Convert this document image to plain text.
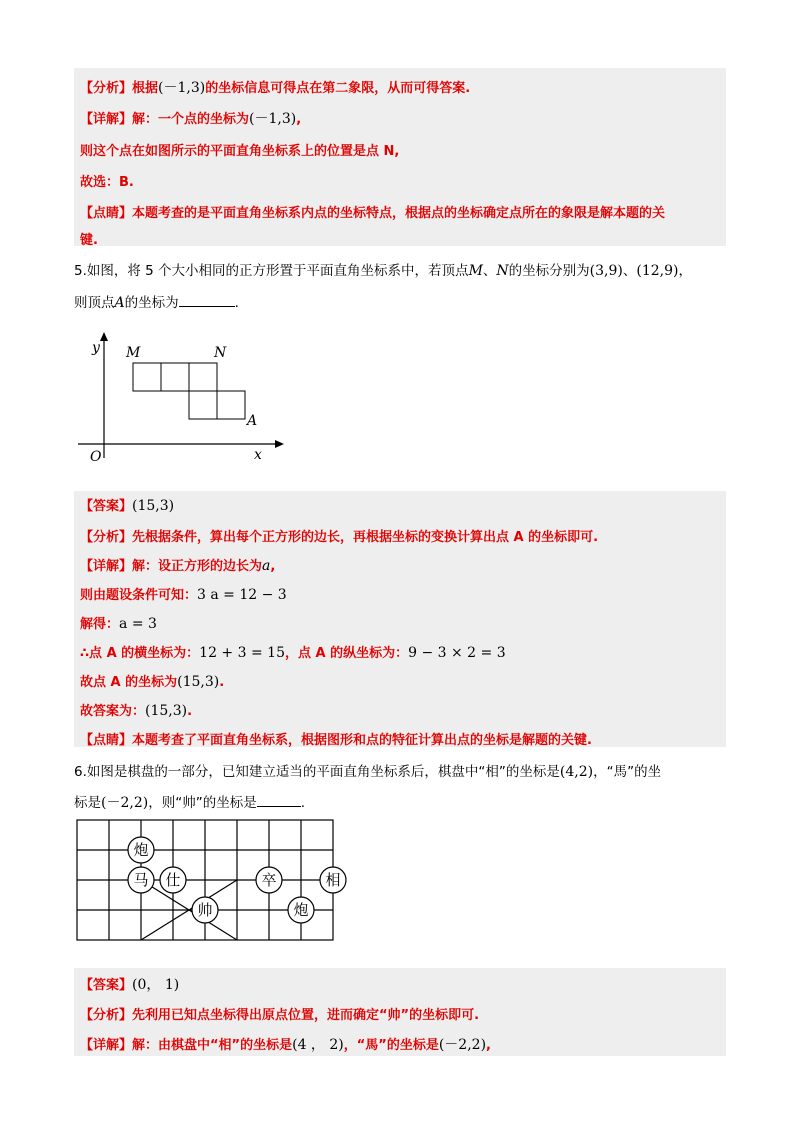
【分析】根据(－1,3)的坐标信息可得点在第二象限，从而可得答案.
【详解】解：一个点的坐标为(－1,3),
则这个点在如图所示的平面直角坐标系上的位置是点 N,
故选：B.
【点睛】本题考查的是平面直角坐标系内点的坐标特点，根据点的坐标确定点所在的象限是解本题的关
键.
5.如图，将 5 个大小相同的正方形置于平面直角坐标系中，若顶点M、N的坐标分别为(3,9)、(12,9)，
则顶点A的坐标为	.
y
x
O
M	N
A
【答案】(15,3)
【分析】先根据条件，算出每个正方形的边长，再根据坐标的变换计算出点 A 的坐标即可.
【详解】解：设正方形的边长为a,
则由题设条件可知：3 a = 12 − 3
解得：a = 3
∴点 A 的横坐标为：12 + 3 = 15，点 A 的纵坐标为：9 − 3 × 2 = 3
故点 A 的坐标为(15,3).
故答案为：(15,3).
【点睛】本题考查了平面直角坐标系，根据图形和点的特征计算出点的坐标是解题的关键.
6.如图是棋盘的一部分，已知建立适当的平面直角坐标系后，棋盘中“相”的坐标是(4,2)，“馬”的坐
标是(－2,2)，则“帅”的坐标是	.
炮
马 仕
帅
卒	相
炮
【答案】(0， 1)
【分析】先利用已知点坐标得出原点位置，进而确定“帅”的坐标即可.
【详解】解：由棋盘中“相”的坐标是(4 ， 2)，“馬”的坐标是(－2,2),
